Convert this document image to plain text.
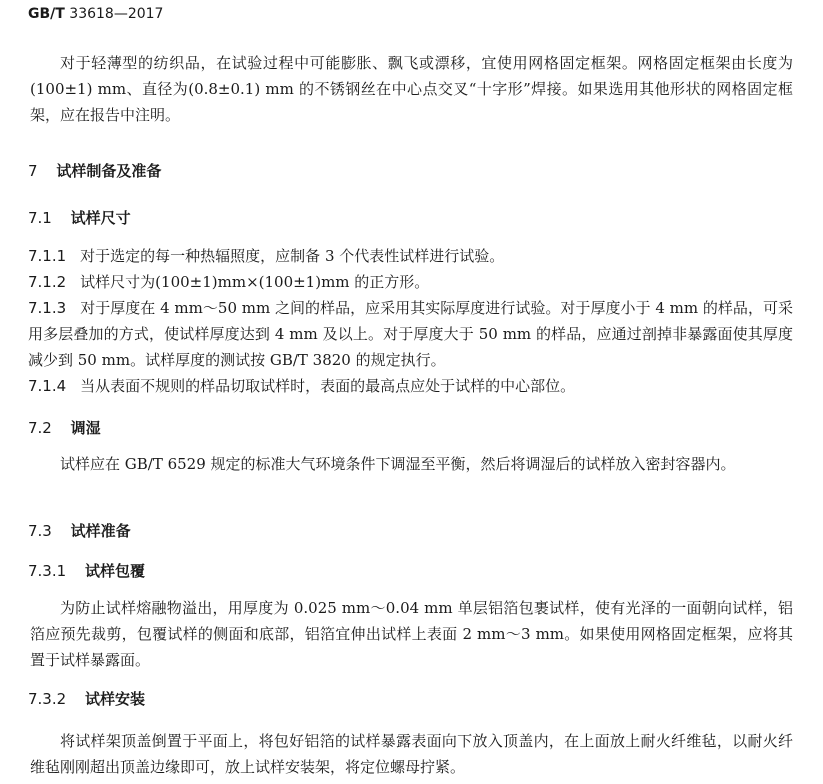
GB/T 33618—2017

对于轻薄型的纺织品，在试验过程中可能膨胀、飘飞或漂移，宜使用网格固定框架。网格固定框架由长度为(100±1) mm、直径为(0.8±0.1) mm 的不锈钢丝在中心点交叉“十字形”焊接。如果选用其他形状的网格固定框架，应在报告中注明。

7 试样制备及准备
7.1 试样尺寸
7.1.1 对于选定的每一种热辐照度，应制备 3 个代表性试样进行试验。
7.1.2 试样尺寸为(100±1)mm×(100±1)mm 的正方形。
7.1.3 对于厚度在 4 mm～50 mm 之间的样品，应采用其实际厚度进行试验。对于厚度小于 4 mm 的样品，可采用多层叠加的方式，使试样厚度达到 4 mm 及以上。对于厚度大于 50 mm 的样品，应通过剖掉非暴露面使其厚度减少到 50 mm。试样厚度的测试按 GB/T 3820 的规定执行。
7.1.4 当从表面不规则的样品切取试样时，表面的最高点应处于试样的中心部位。
7.2 调湿

试样应在 GB/T 6529 规定的标准大气环境条件下调湿至平衡，然后将调湿后的试样放入密封容器内。

7.3 试样准备
7.3.1 试样包覆

为防止试样熔融物溢出，用厚度为 0.025 mm～0.04 mm 单层铝箔包裹试样，使有光泽的一面朝向试样，铝箔应预先裁剪，包覆试样的侧面和底部，铝箔宜伸出试样上表面 2 mm～3 mm。如果使用网格固定框架，应将其置于试样暴露面。

7.3.2 试样安装

将试样架顶盖倒置于平面上，将包好铝箔的试样暴露表面向下放入顶盖内，在上面放上耐火纤维毡，以耐火纤维毡刚刚超出顶盖边缘即可，放上试样安装架，将定位螺母拧紧。
